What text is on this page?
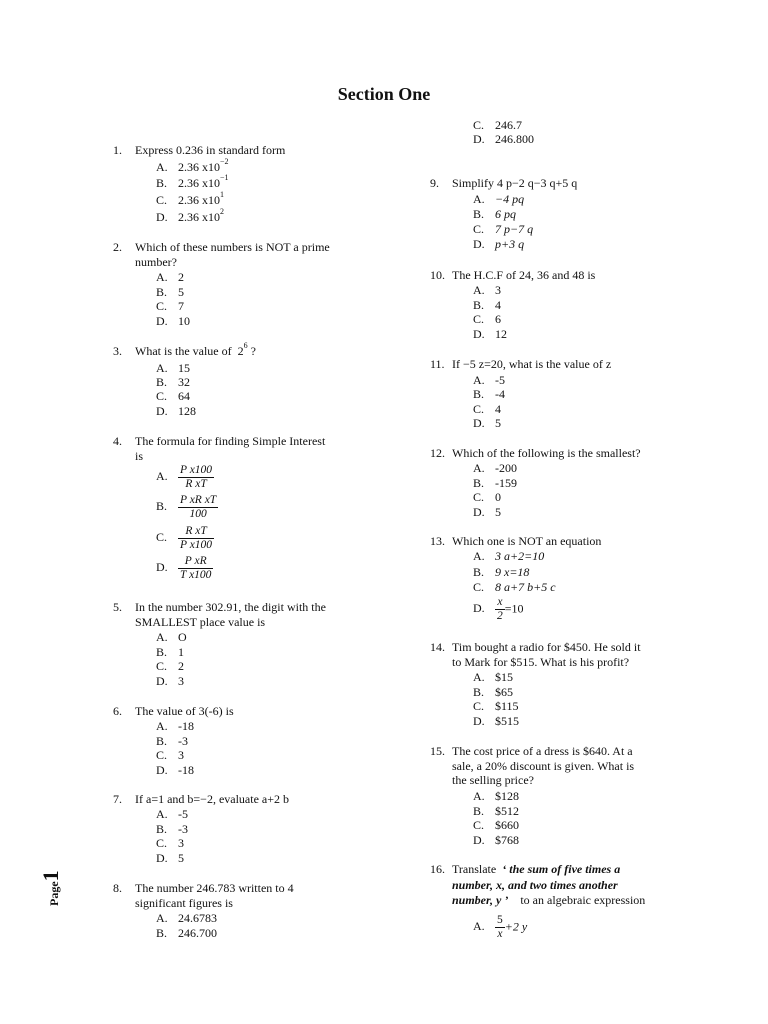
Section One
1.	Express 0.236 in standard form
A. 2.36 $x10^{-2}$
B. 2.36 $x10^{-1}$
C. 2.36 $x10^1$
D. 2.36 $x10^2$
2.	Which of these numbers is NOT a prime
number?
A. 2
B. 5
C. 7
D. 10
3.	What is the value of $2^6$ ?
A. 15
B. 32
C. 64
D. 128
4.	The formula for finding Simple Interest
is
A. $\frac{\text{P x100}}{\text{R xT}}$
B. $\frac{\text{P xR xT}}{100}$
C. $\frac{\text{R xT}}{\text{P x100}}$
D. $\frac{\text{P xR}}{\text{T x100}}$
5.	In the number 302.91, the digit with the
SMALLEST place value is
A. O
B. 1
C. 2
D. 3
6.	The value of 3(-6) is
A. -18
B. -3
C. 3
D. -18
7.	If a=1 and b=−2, evaluate a+2 b
A. -5
B. -3
C. 3
D. 5
8.	The number 246.783 written to 4
significant figures is
A. 24.6783
B. 246.700
C. 246.7
D. 246.800
9.	Simplify 4 p−2 q−3 q+5 q
A. −4 pq
B. 6 pq
C. 7 p−7 q
D. p+3 q
10. The H.C.F of 24, 36 and 48 is
A. 3
B. 4
C. 6
D. 12
11. If −5 z=20, what is the value of z
A. -5
B. -4
C. 4
D. 5
12. Which of the following is the smallest?
A. -200
B. -159
C. 0
D. 5
13. Which one is NOT an equation
A. 3 a+2=10
B. 9 x=18
C. 8 a+7 b+5 c
D. $\frac{x}{2} =10$
14. Tim bought a radio for $450. He sold it
to Mark for $515. What is his profit?
A. $15
B. $65
C. $115
D. $515
15. The cost price of a dress is $640. At a
sale, a 20% discount is given. What is
the selling price?
A. $128
B. $512
C. $660
D. $768
16. Translate ‘ the sum of five times a
number, x, and two times another
number, y ’ to an algebraic expression
A. $\frac{5}{x} +2$ y
Page1
